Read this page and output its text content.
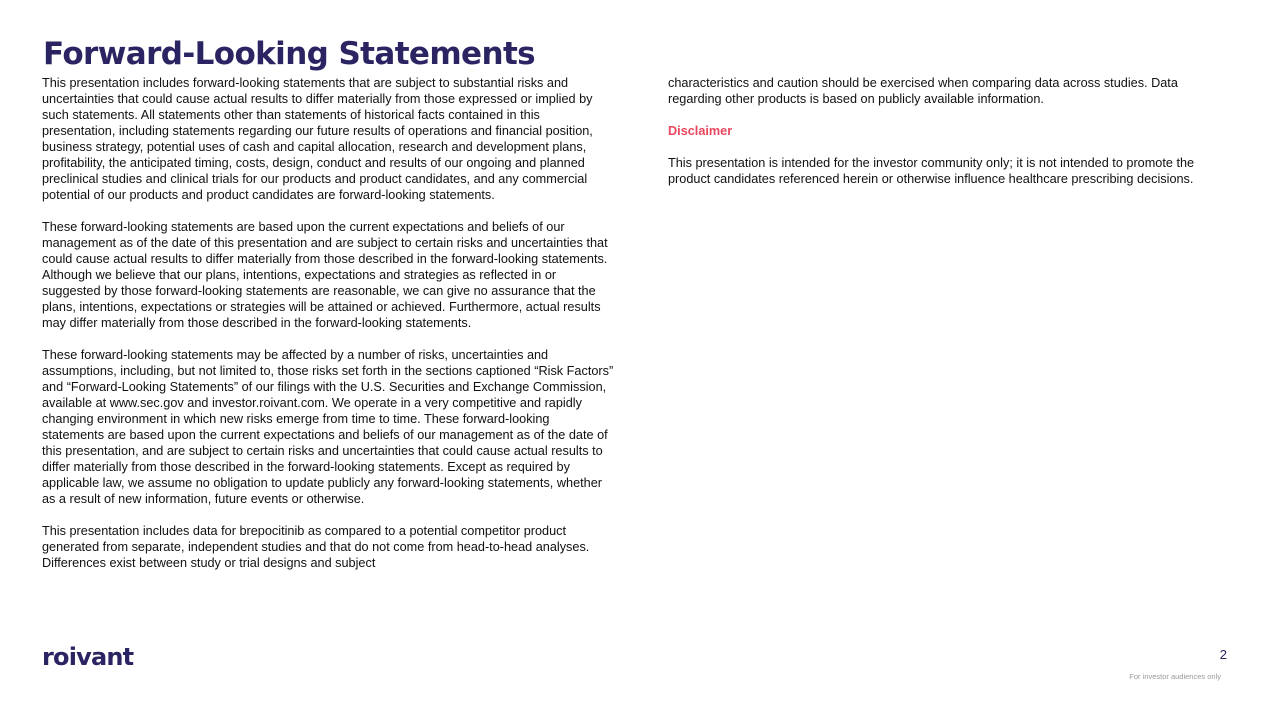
Forward-Looking Statements

This presentation includes forward-looking statements that are subject to substantial risks and uncertainties that could cause actual results to differ materially from those expressed or implied by such statements. All statements other than statements of historical facts contained in this presentation, including statements regarding our future results of operations and financial position, business strategy, potential uses of cash and capital allocation, research and development plans, profitability, the anticipated timing, costs, design, conduct and results of our ongoing and planned preclinical studies and clinical trials for our products and product candidates, and any commercial potential of our products and product candidates are forward-looking statements.

These forward-looking statements are based upon the current expectations and beliefs of our management as of the date of this presentation and are subject to certain risks and uncertainties that could cause actual results to differ materially from those described in the forward-looking statements. Although we believe that our plans, intentions, expectations and strategies as reflected in or suggested by those forward-looking statements are reasonable, we can give no assurance that the plans, intentions, expectations or strategies will be attained or achieved. Furthermore, actual results may differ materially from those described in the forward-looking statements.

These forward-looking statements may be affected by a number of risks, uncertainties and assumptions, including, but not limited to, those risks set forth in the sections captioned “Risk Factors” and “Forward-Looking Statements” of our filings with the U.S. Securities and Exchange Commission, available at www.sec.gov and investor.roivant.com. We operate in a very competitive and rapidly changing environment in which new risks emerge from time to time. These forward-looking statements are based upon the current expectations and beliefs of our management as of the date of this presentation, and are subject to certain risks and uncertainties that could cause actual results to differ materially from those described in the forward-looking statements. Except as required by applicable law, we assume no obligation to update publicly any forward-looking statements, whether as a result of new information, future events or otherwise.

This presentation includes data for brepocitinib as compared to a potential competitor product generated from separate, independent studies and that do not come from head-to-head analyses. Differences exist between study or trial designs and subject

characteristics and caution should be exercised when comparing data across studies. Data regarding other products is based on publicly available information.

Disclaimer

This presentation is intended for the investor community only; it is not intended to promote the product candidates referenced herein or otherwise influence healthcare prescribing decisions.

roivant	2
For investor audiences only
